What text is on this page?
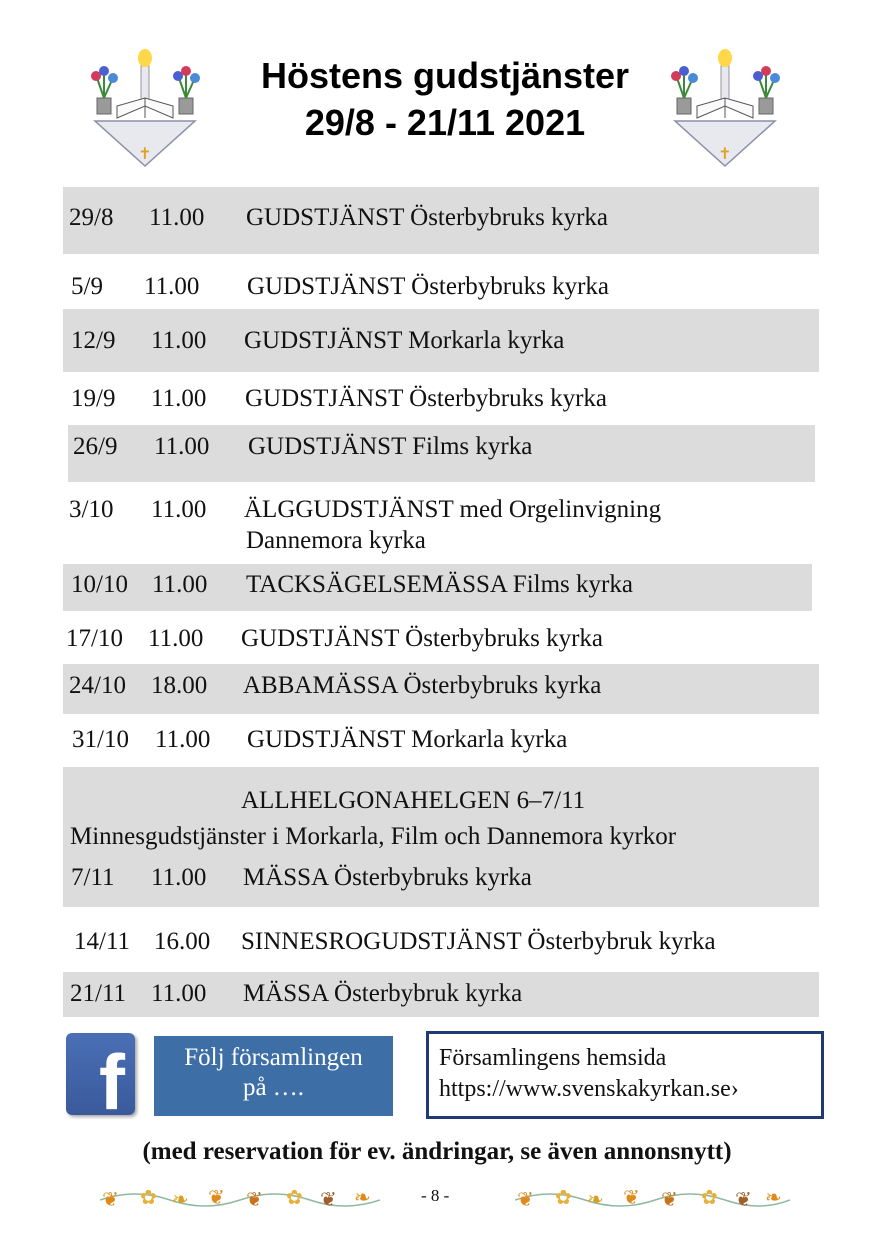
✝	✝
Höstens gudstjänster
29/8 - 21/11 2021
29/8 11.00 GUDSTJÄNST Österbybruks kyrka
5/9 11.00 GUDSTJÄNST Österbybruks kyrka
12/9 11.00 GUDSTJÄNST Morkarla kyrka
19/9 11.00 GUDSTJÄNST Österbybruks kyrka
26/9 11.00 GUDSTJÄNST Films kyrka
3/10 11.00 ÄLGGUDSTJÄNST med Orgelinvigning
Dannemora kyrka
10/10 11.00 TACKSÄGELSEMÄSSA Films kyrka
17/10 11.00 GUDSTJÄNST Österbybruks kyrka
24/10 18.00 ABBAMÄSSA Österbybruks kyrka
31/10 11.00 GUDSTJÄNST Morkarla kyrka
ALLHELGONAHELGEN 6–7/11
Minnesgudstjänster i Morkarla, Film och Dannemora kyrkor
7/11 11.00 MÄSSA Österbybruks kyrka
14/11 16.00 SINNESROGUDSTJÄNST Österbybruk kyrka
21/11 11.00 MÄSSA Österbybruk kyrka
f	Följ församlingen
på ….
Församlingens hemsida
https://www.svenskakyrkan.se›
(med reservation för ev. ändringar, se även annonsnytt)
❦ ✿ ❧ ❦ ❦ ✿ ❦ ❧	❦ ✿ ❧ ❦ ❦ ✿ ❦ ❧
- 8 -
